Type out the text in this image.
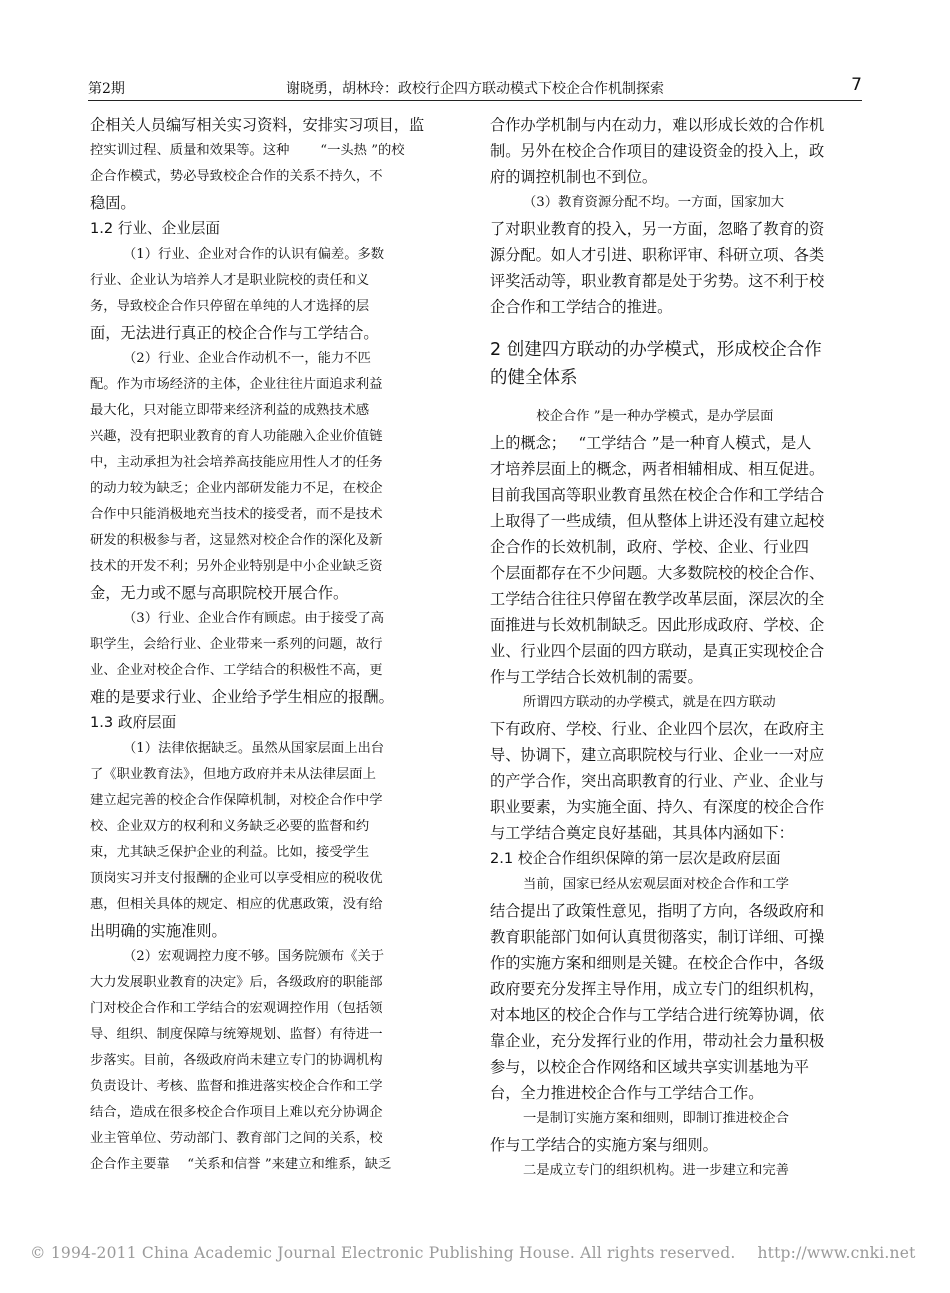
第2期	谢晓勇，胡林玲：政校行企四方联动模式下校企合作机制探索	7
企相关人员编写相关实习资料，安排实习项目，监
控实训过程、质量和效果等。这种　　 “一头热 ”的校
企合作模式，势必导致校企合作的关系不持久，不
稳固。
1.2 行业、企业层面
（1）行业、企业对合作的认识有偏差。多数
行业、企业认为培养人才是职业院校的责任和义
务，导致校企合作只停留在单纯的人才选择的层
面，无法进行真正的校企合作与工学结合。
（2）行业、企业合作动机不一，能力不匹
配。作为市场经济的主体，企业往往片面追求利益
最大化，只对能立即带来经济利益的成熟技术感
兴趣，没有把职业教育的育人功能融入企业价值链
中，主动承担为社会培养高技能应用性人才的任务
的动力较为缺乏；企业内部研发能力不足，在校企
合作中只能消极地充当技术的接受者，而不是技术
研发的积极参与者，这显然对校企合作的深化及新
技术的开发不利；另外企业特别是中小企业缺乏资
金，无力或不愿与高职院校开展合作。
（3）行业、企业合作有顾虑。由于接受了高
职学生，会给行业、企业带来一系列的问题，故行
业、企业对校企合作、工学结合的积极性不高，更
难的是要求行业、企业给予学生相应的报酬。
1.3 政府层面
（1）法律依据缺乏。虽然从国家层面上出台
了《职业教育法》，但地方政府并未从法律层面上
建立起完善的校企合作保障机制，对校企合作中学
校、企业双方的权利和义务缺乏必要的监督和约
束，尤其缺乏保护企业的利益。比如，接受学生
顶岗实习并支付报酬的企业可以享受相应的税收优
惠，但相关具体的规定、相应的优惠政策，没有给
出明确的实施准则。
（2）宏观调控力度不够。国务院颁布《关于
大力发展职业教育的决定》后，各级政府的职能部
门对校企合作和工学结合的宏观调控作用（包括领
导、组织、制度保障与统筹规划、监督）有待进一
步落实。目前，各级政府尚未建立专门的协调机构
负责设计、考核、监督和推进落实校企合作和工学
结合，造成在很多校企合作项目上难以充分协调企
业主管单位、劳动部门、教育部门之间的关系，校
企合作主要靠　 “关系和信誉 ”来建立和维系，缺乏
合作办学机制与内在动力，难以形成长效的合作机
制。另外在校企合作项目的建设资金的投入上，政
府的调控机制也不到位。
（3）教育资源分配不均。一方面，国家加大
了对职业教育的投入，另一方面，忽略了教育的资
源分配。如人才引进、职称评审、科研立项、各类
评奖活动等，职业教育都是处于劣势。这不利于校
企合作和工学结合的推进。
2 创建四方联动的办学模式，形成校企合作
的健全体系
　校企合作 ”是一种办学模式，是办学层面
上的概念；　 “工学结合 ”是一种育人模式，是人
才培养层面上的概念，两者相辅相成、相互促进。
目前我国高等职业教育虽然在校企合作和工学结合
上取得了一些成绩，但从整体上讲还没有建立起校
企合作的长效机制，政府、学校、企业、行业四
个层面都存在不少问题。大多数院校的校企合作、
工学结合往往只停留在教学改革层面，深层次的全
面推进与长效机制缺乏。因此形成政府、学校、企
业、行业四个层面的四方联动，是真正实现校企合
作与工学结合长效机制的需要。
所谓四方联动的办学模式，就是在四方联动
下有政府、学校、行业、企业四个层次，在政府主
导、协调下，建立高职院校与行业、企业一一对应
的产学合作，突出高职教育的行业、产业、企业与
职业要素，为实施全面、持久、有深度的校企合作
与工学结合奠定良好基础，其具体内涵如下：
2.1 校企合作组织保障的第一层次是政府层面
当前，国家已经从宏观层面对校企合作和工学
结合提出了政策性意见，指明了方向，各级政府和
教育职能部门如何认真贯彻落实，制订详细、可操
作的实施方案和细则是关键。在校企合作中，各级
政府要充分发挥主导作用，成立专门的组织机构，
对本地区的校企合作与工学结合进行统筹协调，依
靠企业，充分发挥行业的作用，带动社会力量积极
参与，以校企合作网络和区域共享实训基地为平
台，全力推进校企合作与工学结合工作。
一是制订实施方案和细则，即制订推进校企合
作与工学结合的实施方案与细则。
二是成立专门的组织机构。进一步建立和完善
© 1994-2011 China Academic Journal Electronic Publishing House. All rights reserved. http://www.cnki.net
